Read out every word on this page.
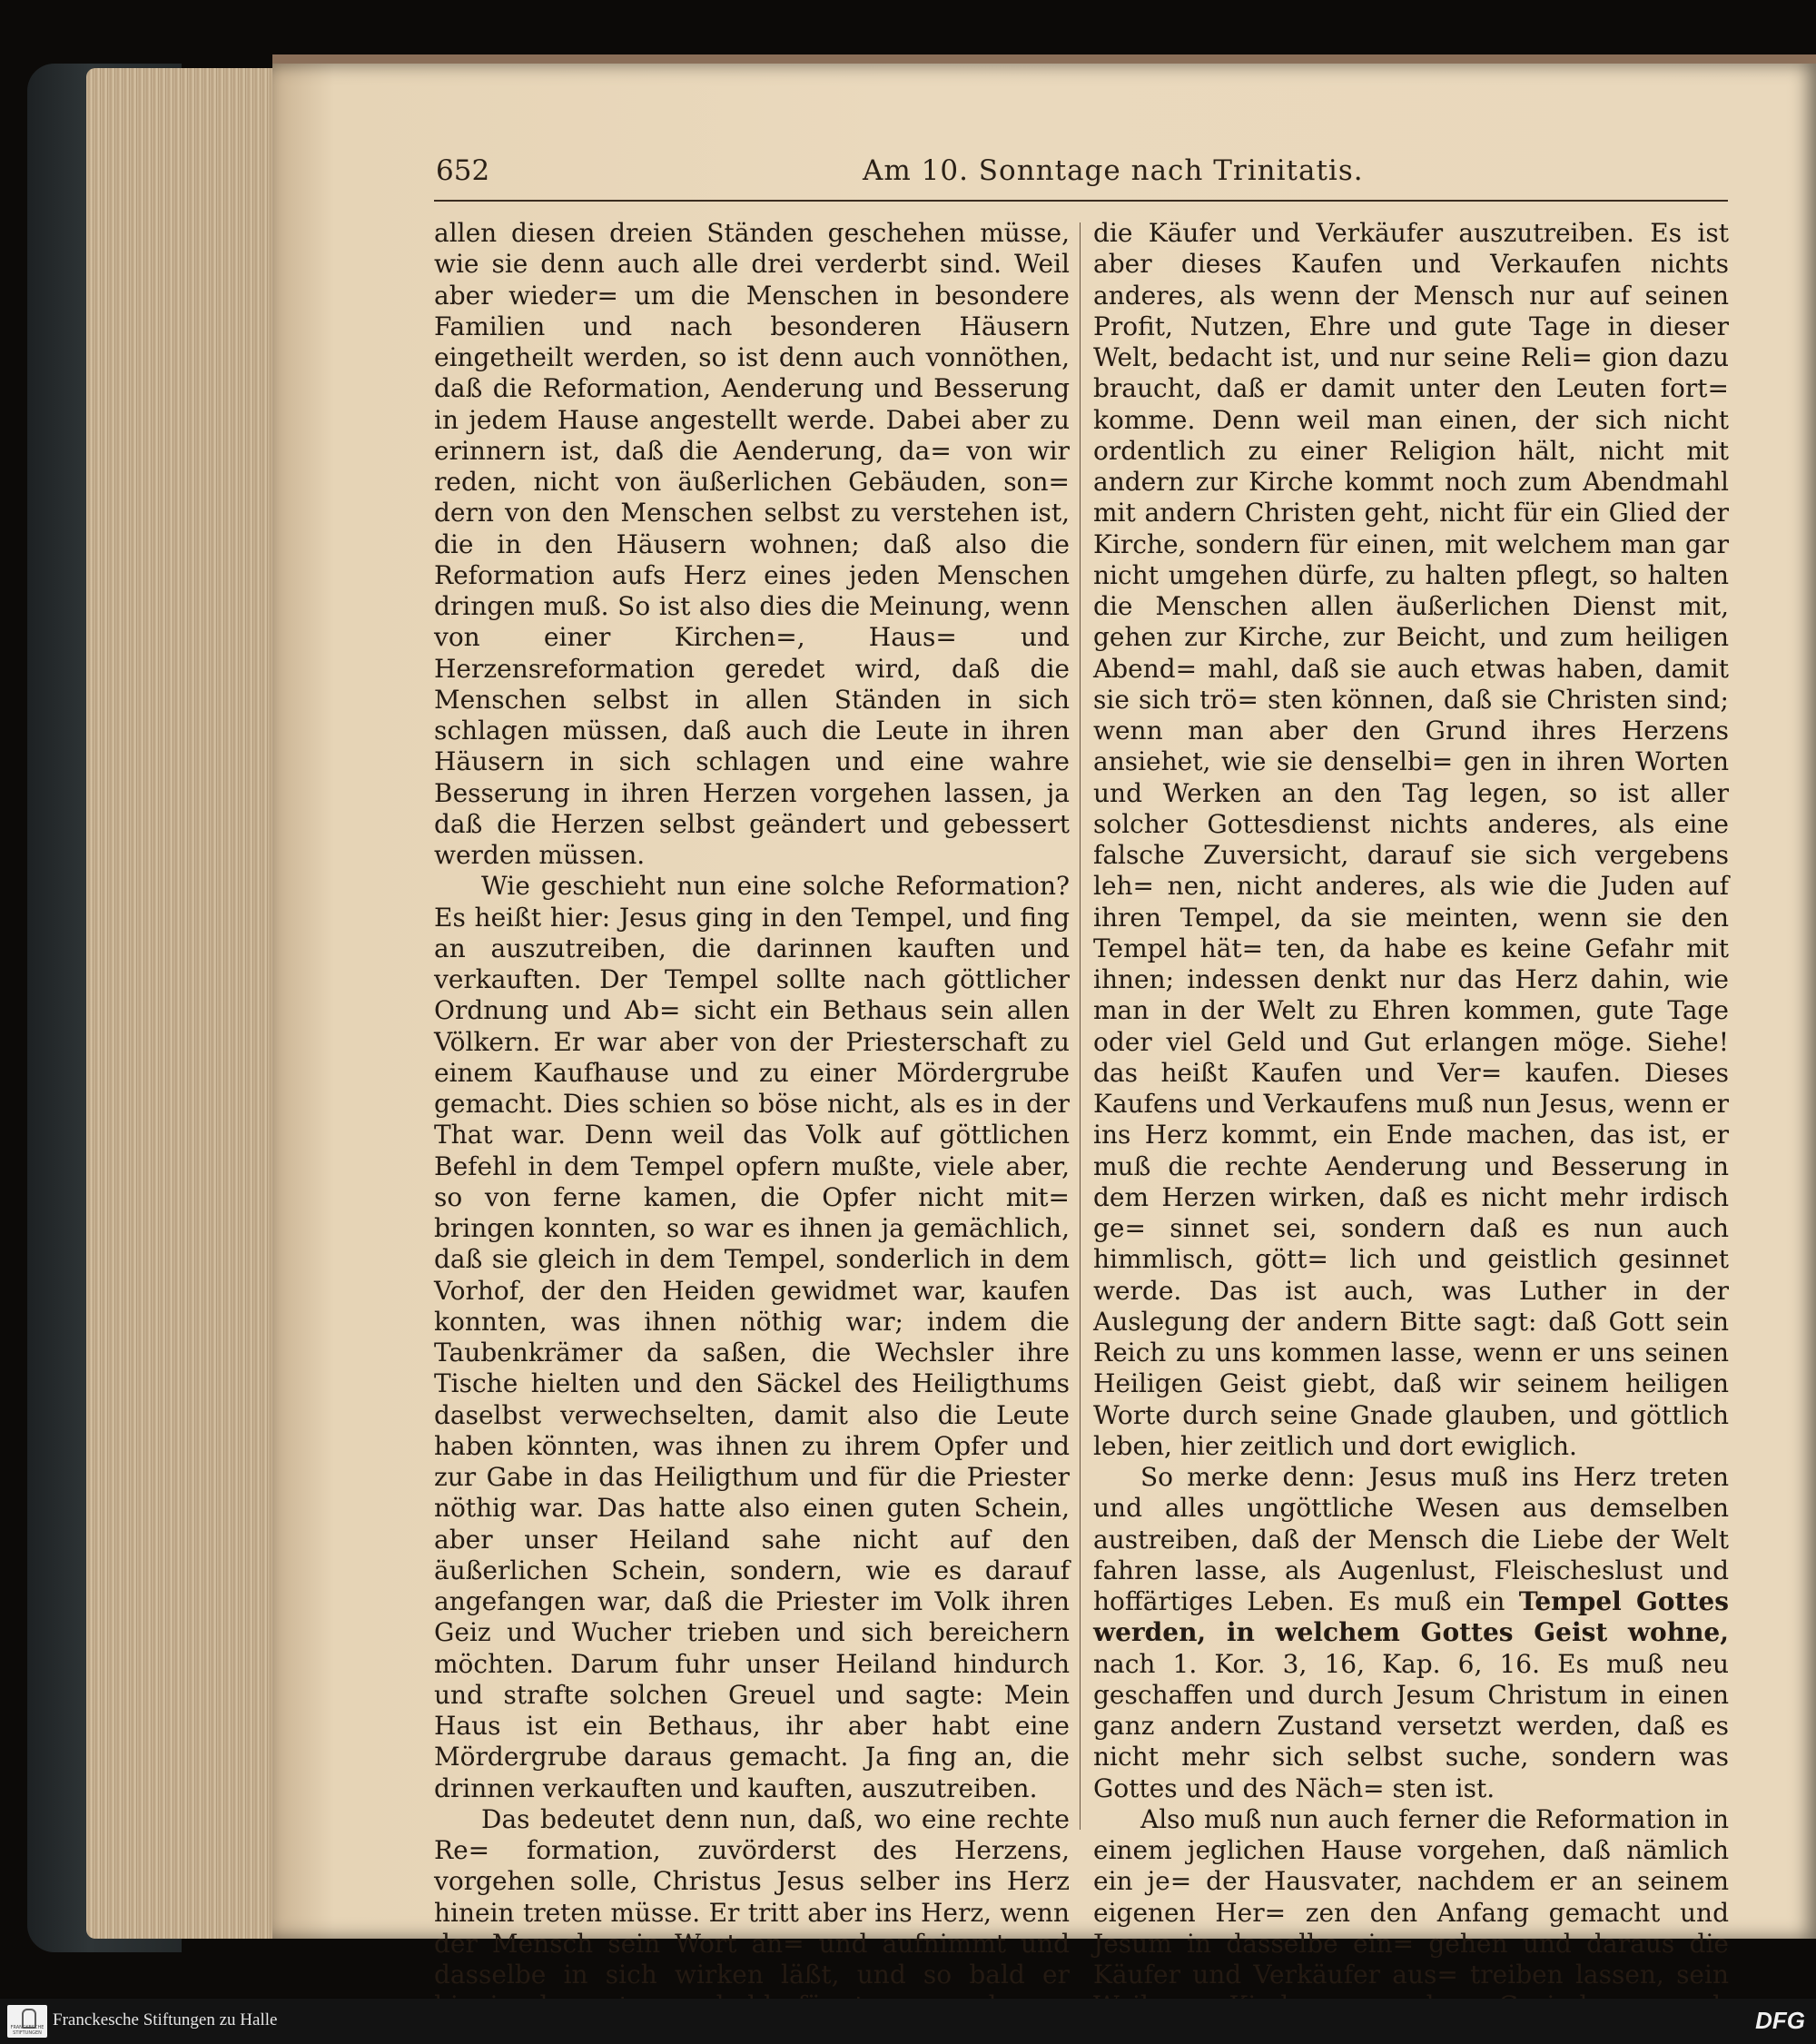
652	Am 10. Sonntage nach Trinitatis.

allen diesen dreien Ständen geschehen müsse, wie sie denn auch alle drei verderbt sind. Weil aber wieder= um die Menschen in besondere Familien und nach besonderen Häusern eingetheilt werden, so ist denn auch vonnöthen, daß die Reformation, Aenderung und Besserung in jedem Hause angestellt werde. Dabei aber zu erinnern ist, daß die Aenderung, da= von wir reden, nicht von äußerlichen Gebäuden, son= dern von den Menschen selbst zu verstehen ist, die in den Häusern wohnen; daß also die Reformation aufs Herz eines jeden Menschen dringen muß. So ist also dies die Meinung, wenn von einer Kirchen=, Haus= und Herzensreformation geredet wird, daß die Menschen selbst in allen Ständen in sich schlagen müssen, daß auch die Leute in ihren Häusern in sich schlagen und eine wahre Besserung in ihren Herzen vorgehen lassen, ja daß die Herzen selbst geändert und gebessert werden müssen.

Wie geschieht nun eine solche Reformation? Es heißt hier: Jesus ging in den Tempel, und fing an auszutreiben, die darinnen kauften und verkauften. Der Tempel sollte nach göttlicher Ordnung und Ab= sicht ein Bethaus sein allen Völkern. Er war aber von der Priesterschaft zu einem Kaufhause und zu einer Mördergrube gemacht. Dies schien so böse nicht, als es in der That war. Denn weil das Volk auf göttlichen Befehl in dem Tempel opfern mußte, viele aber, so von ferne kamen, die Opfer nicht mit= bringen konnten, so war es ihnen ja gemächlich, daß sie gleich in dem Tempel, sonderlich in dem Vorhof, der den Heiden gewidmet war, kaufen konnten, was ihnen nöthig war; indem die Taubenkrämer da saßen, die Wechsler ihre Tische hielten und den Säckel des Heiligthums daselbst verwechselten, damit also die Leute haben könnten, was ihnen zu ihrem Opfer und zur Gabe in das Heiligthum und für die Priester nöthig war. Das hatte also einen guten Schein, aber unser Heiland sahe nicht auf den äußerlichen Schein, sondern, wie es darauf angefangen war, daß die Priester im Volk ihren Geiz und Wucher trieben und sich bereichern möchten. Darum fuhr unser Heiland hindurch und strafte solchen Greuel und sagte: Mein Haus ist ein Bethaus, ihr aber habt eine Mördergrube daraus gemacht. Ja fing an, die drinnen verkauften und kauften, auszutreiben.

Das bedeutet denn nun, daß, wo eine rechte Re= formation, zuvörderst des Herzens, vorgehen solle, Christus Jesus selber ins Herz hinein treten müsse. Er tritt aber ins Herz, wenn der Mensch sein Wort an= und aufnimmt und dasselbe in sich wirken läßt, und so bald er

die Käufer und Verkäufer auszutreiben. Es ist aber dieses Kaufen und Verkaufen nichts anderes, als wenn der Mensch nur auf seinen Profit, Nutzen, Ehre und gute Tage in dieser Welt, bedacht ist, und nur seine Reli= gion dazu braucht, daß er damit unter den Leuten fort= komme. Denn weil man einen, der sich nicht ordentlich zu einer Religion hält, nicht mit andern zur Kirche kommt noch zum Abendmahl mit andern Christen geht, nicht für ein Glied der Kirche, sondern für einen, mit welchem man gar nicht umgehen dürfe, zu halten pflegt, so halten die Menschen allen äußerlichen Dienst mit, gehen zur Kirche, zur Beicht, und zum heiligen Abend= mahl, daß sie auch etwas haben, damit sie sich trö= sten können, daß sie Christen sind; wenn man aber den Grund ihres Herzens ansiehet, wie sie denselbi= gen in ihren Worten und Werken an den Tag legen, so ist aller solcher Gottesdienst nichts anderes, als eine falsche Zuversicht, darauf sie sich vergebens leh= nen, nicht anderes, als wie die Juden auf ihren Tempel, da sie meinten, wenn sie den Tempel hät= ten, da habe es keine Gefahr mit ihnen; indessen denkt nur das Herz dahin, wie man in der Welt zu Ehren kommen, gute Tage oder viel Geld und Gut erlangen möge. Siehe! das heißt Kaufen und Ver= kaufen. Dieses Kaufens und Verkaufens muß nun Jesus, wenn er ins Herz kommt, ein Ende machen, das ist, er muß die rechte Aenderung und Besserung in dem Herzen wirken, daß es nicht mehr irdisch ge= sinnet sei, sondern daß es nun auch himmlisch, gött= lich und geistlich gesinnet werde. Das ist auch, was Luther in der Auslegung der andern Bitte sagt: daß Gott sein Reich zu uns kommen lasse, wenn er uns seinen Heiligen Geist giebt, daß wir seinem heiligen Worte durch seine Gnade glauben, und göttlich leben, hier zeitlich und dort ewiglich.

So merke denn: Jesus muß ins Herz treten und alles ungöttliche Wesen aus demselben austreiben, daß der Mensch die Liebe der Welt fahren lasse, als Augenlust, Fleischeslust und hoffärtiges Leben. Es muß ein Tempel Gottes werden, in welchem Gottes Geist wohne, nach 1. Kor. 3, 16, Kap. 6, 16. Es muß neu geschaffen und durch Jesum Christum in einen ganz andern Zustand versetzt werden, daß es nicht mehr sich selbst suche, sondern was Gottes und des Näch= sten ist.

Also muß nun auch ferner die Reformation in einem jeglichen Hause vorgehen, daß nämlich ein je= der Hausvater, nachdem er an seinem eigenen Her= zen den Anfang gemacht und Jesum in dasselbe ein= gehen und daraus die Käufer und Verkäufer aus= treiben lassen, sein

FRANCKESCHE STIFTUNGEN
Franckesche Stiftungen zu Halle	DFG
